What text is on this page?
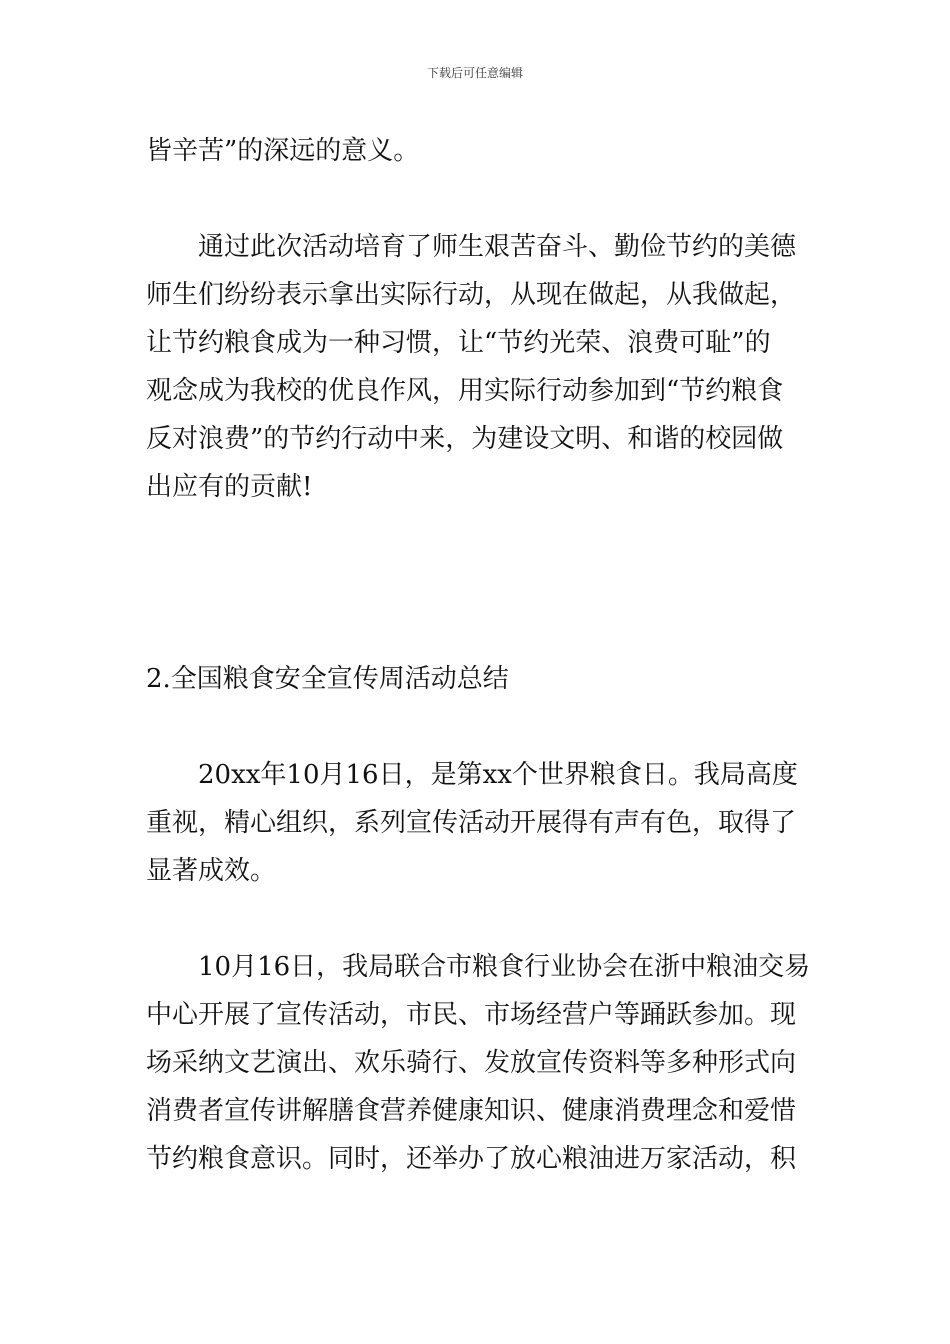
下载后可任意编辑

皆辛苦”的深远的意义。

通过此次活动培育了师生艰苦奋斗、勤俭节约的美德
师生们纷纷表示拿出实际行动，从现在做起，从我做起，
让节约粮食成为一种习惯，让“节约光荣、浪费可耻”的
观念成为我校的优良作风，用实际行动参加到“节约粮食
反对浪费”的节约行动中来，为建设文明、和谐的校园做
出应有的贡献!

2.全国粮食安全宣传周活动总结

20xx年10月16日，是第xx个世界粮食日。我局高度
重视，精心组织，系列宣传活动开展得有声有色，取得了
显著成效。

10月16日，我局联合市粮食行业协会在浙中粮油交易
中心开展了宣传活动，市民、市场经营户等踊跃参加。现
场采纳文艺演出、欢乐骑行、发放宣传资料等多种形式向
消费者宣传讲解膳食营养健康知识、健康消费理念和爱惜
节约粮食意识。同时，还举办了放心粮油进万家活动，积
